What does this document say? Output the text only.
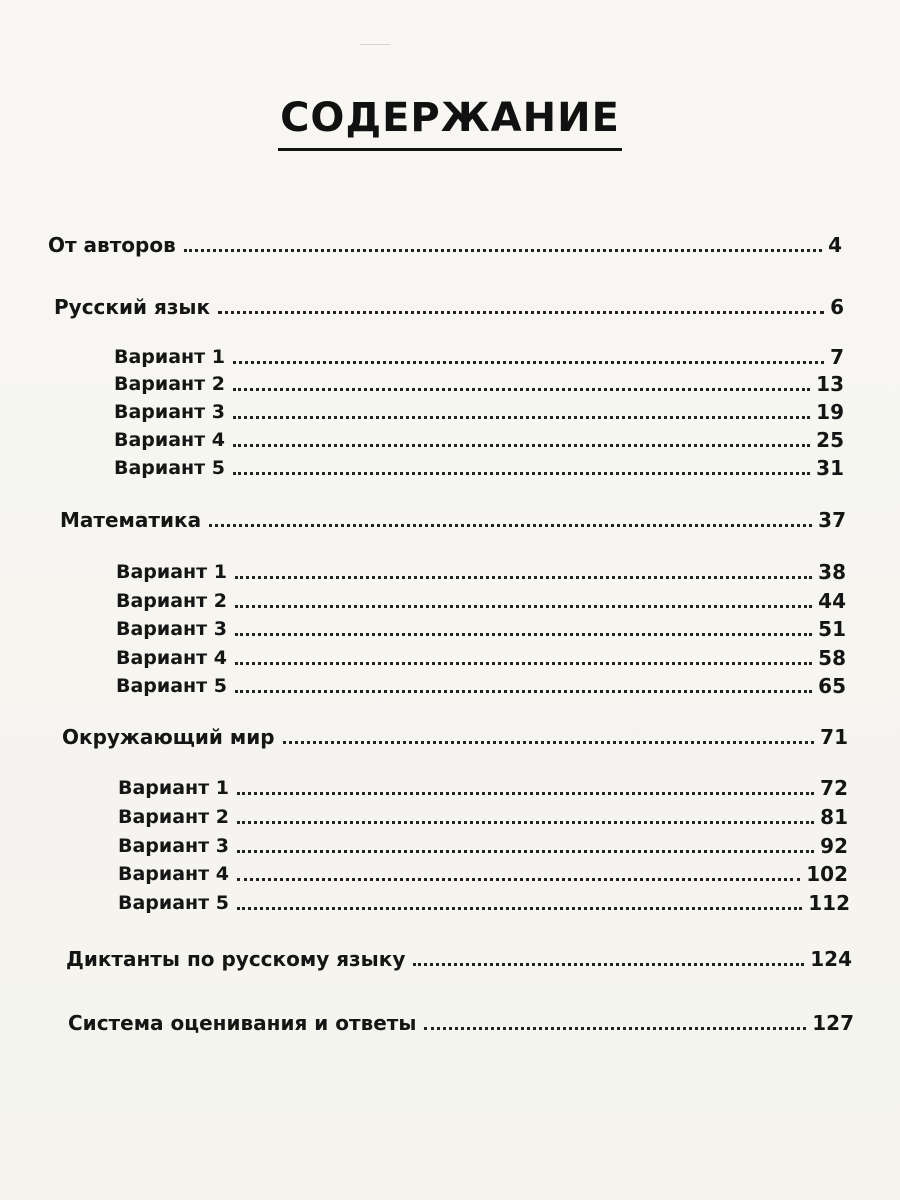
СОДЕРЖАНИЕ
От авторов	4
Русский язык	6
Вариант 1	7
Вариант 2	13
Вариант 3	19
Вариант 4	25
Вариант 5	31
Математика	37
Вариант 1	38
Вариант 2	44
Вариант 3	51
Вариант 4	58
Вариант 5	65
Окружающий мир	71
Вариант 1	72
Вариант 2	81
Вариант 3	92
Вариант 4	102
Вариант 5	112
Диктанты по русскому языку	124
Система оценивания и ответы	127
